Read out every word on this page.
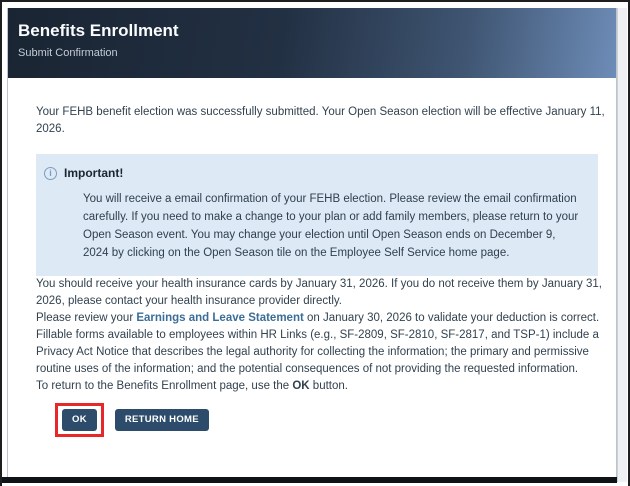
Benefits Enrollment
Submit Confirmation

Your FEHB benefit election was successfully submitted. Your Open Season election will be effective January 11, 2026.

i	Important!
You will receive a email confirmation of your FEHB election. Please review the email confirmation carefully. If you need to make a change to your plan or add family members, please return to your Open Season event. You may change your election until Open Season ends on December 9, 2024 by clicking on the Open Season tile on the Employee Self Service home page.

You should receive your health insurance cards by January 31, 2026. If you do not receive them by January 31, 2026, please contact your health insurance provider directly.

Please review your Earnings and Leave Statement on January 30, 2026 to validate your deduction is correct.

Fillable forms available to employees within HR Links (e.g., SF-2809, SF-2810, SF-2817, and TSP-1) include a Privacy Act Notice that describes the legal authority for collecting the information; the primary and permissive routine uses of the information; and the potential consequences of not providing the requested information.

To return to the Benefits Enrollment page, use the OK button.

OK	RETURN HOME
